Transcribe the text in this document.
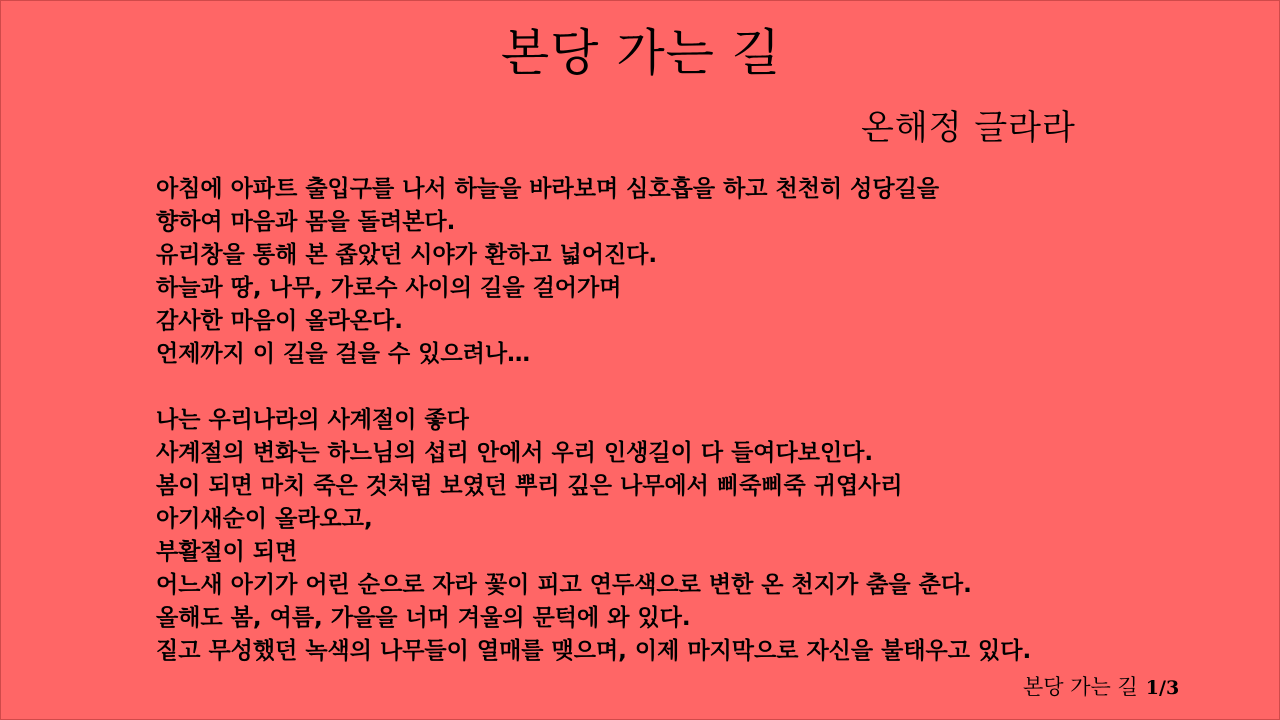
본당 가는 길
온해정 글라라
아침에 아파트 출입구를 나서 하늘을 바라보며 심호흡을 하고 천천히 성당길을
향하여 마음과 몸을 돌려본다.
유리창을 통해 본 좁았던 시야가 환하고 넓어진다.
하늘과 땅, 나무, 가로수 사이의 길을 걸어가며
감사한 마음이 올라온다.
언제까지 이 길을 걸을 수 있으려나…
나는 우리나라의 사계절이 좋다
사계절의 변화는 하느님의 섭리 안에서 우리 인생길이 다 들여다보인다.
봄이 되면 마치 죽은 것처럼 보였던 뿌리 깊은 나무에서 삐죽삐죽 귀엽사리
아기새순이 올라오고,
부활절이 되면
어느새 아기가 어린 순으로 자라 꽃이 피고 연두색으로 변한 온 천지가 춤을 춘다.
올해도 봄, 여름, 가을을 너머 겨울의 문턱에 와 있다.
짙고 무성했던 녹색의 나무들이 열매를 맺으며, 이제 마지막으로 자신을 불태우고 있다.
본당 가는 길 1/3
